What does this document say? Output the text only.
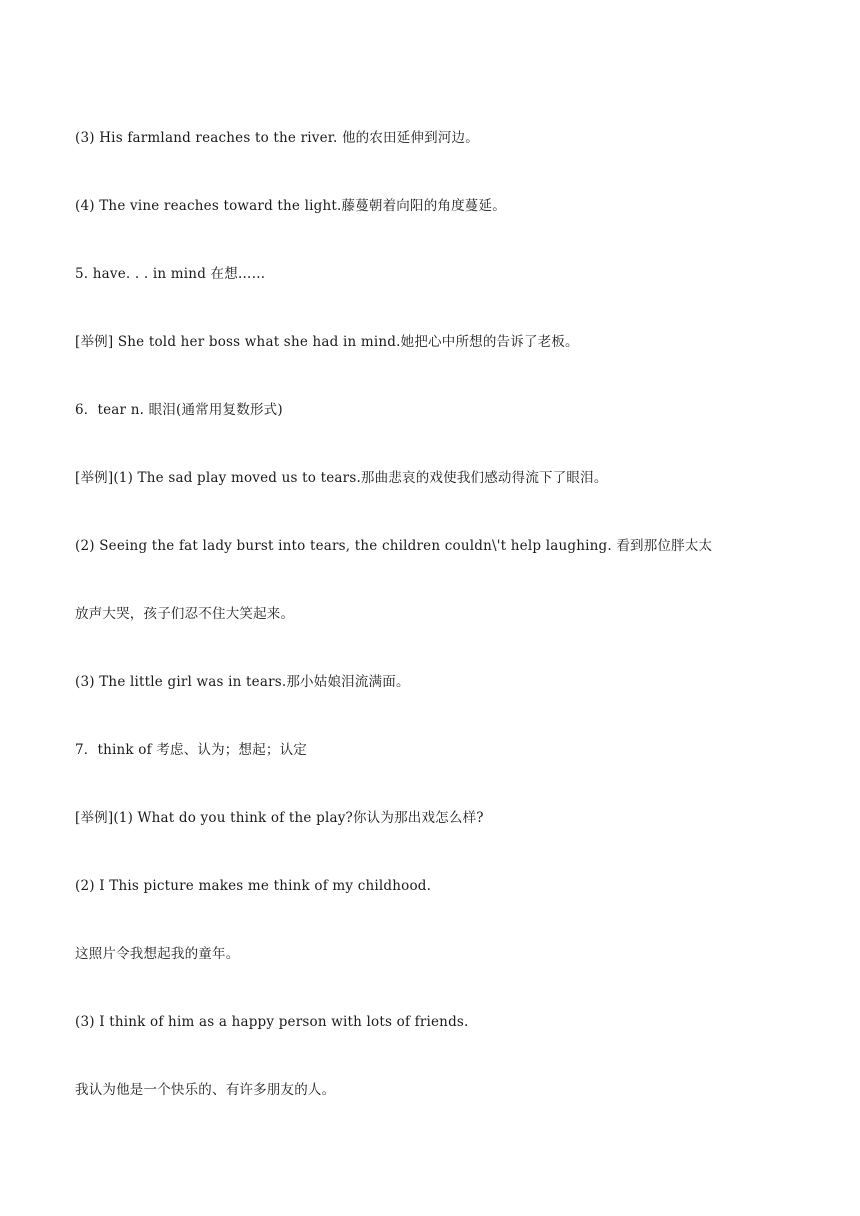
(3) His farmland reaches to the river. 他的农田延伸到河边。
(4) The vine reaches toward the light.藤蔓朝着向阳的角度蔓延。
5. have. . . in mind 在想……
[举例] She told her boss what she had in mind.她把心中所想的告诉了老板。
6．tear n. 眼泪(通常用复数形式)
[举例](1) The sad play moved us to tears.那曲悲哀的戏使我们感动得流下了眼泪。
(2) Seeing the fat lady burst into tears, the children couldn\'t help laughing. 看到那位胖太太
放声大哭，孩子们忍不住大笑起来。
(3) The little girl was in tears.那小姑娘泪流满面。
7．think of 考虑、认为；想起；认定
[举例](1) What do you think of the play?你认为那出戏怎么样?
(2) I This picture makes me think of my childhood.
这照片令我想起我的童年。
(3) I think of him as a happy person with lots of friends.
我认为他是一个快乐的、有许多朋友的人。
